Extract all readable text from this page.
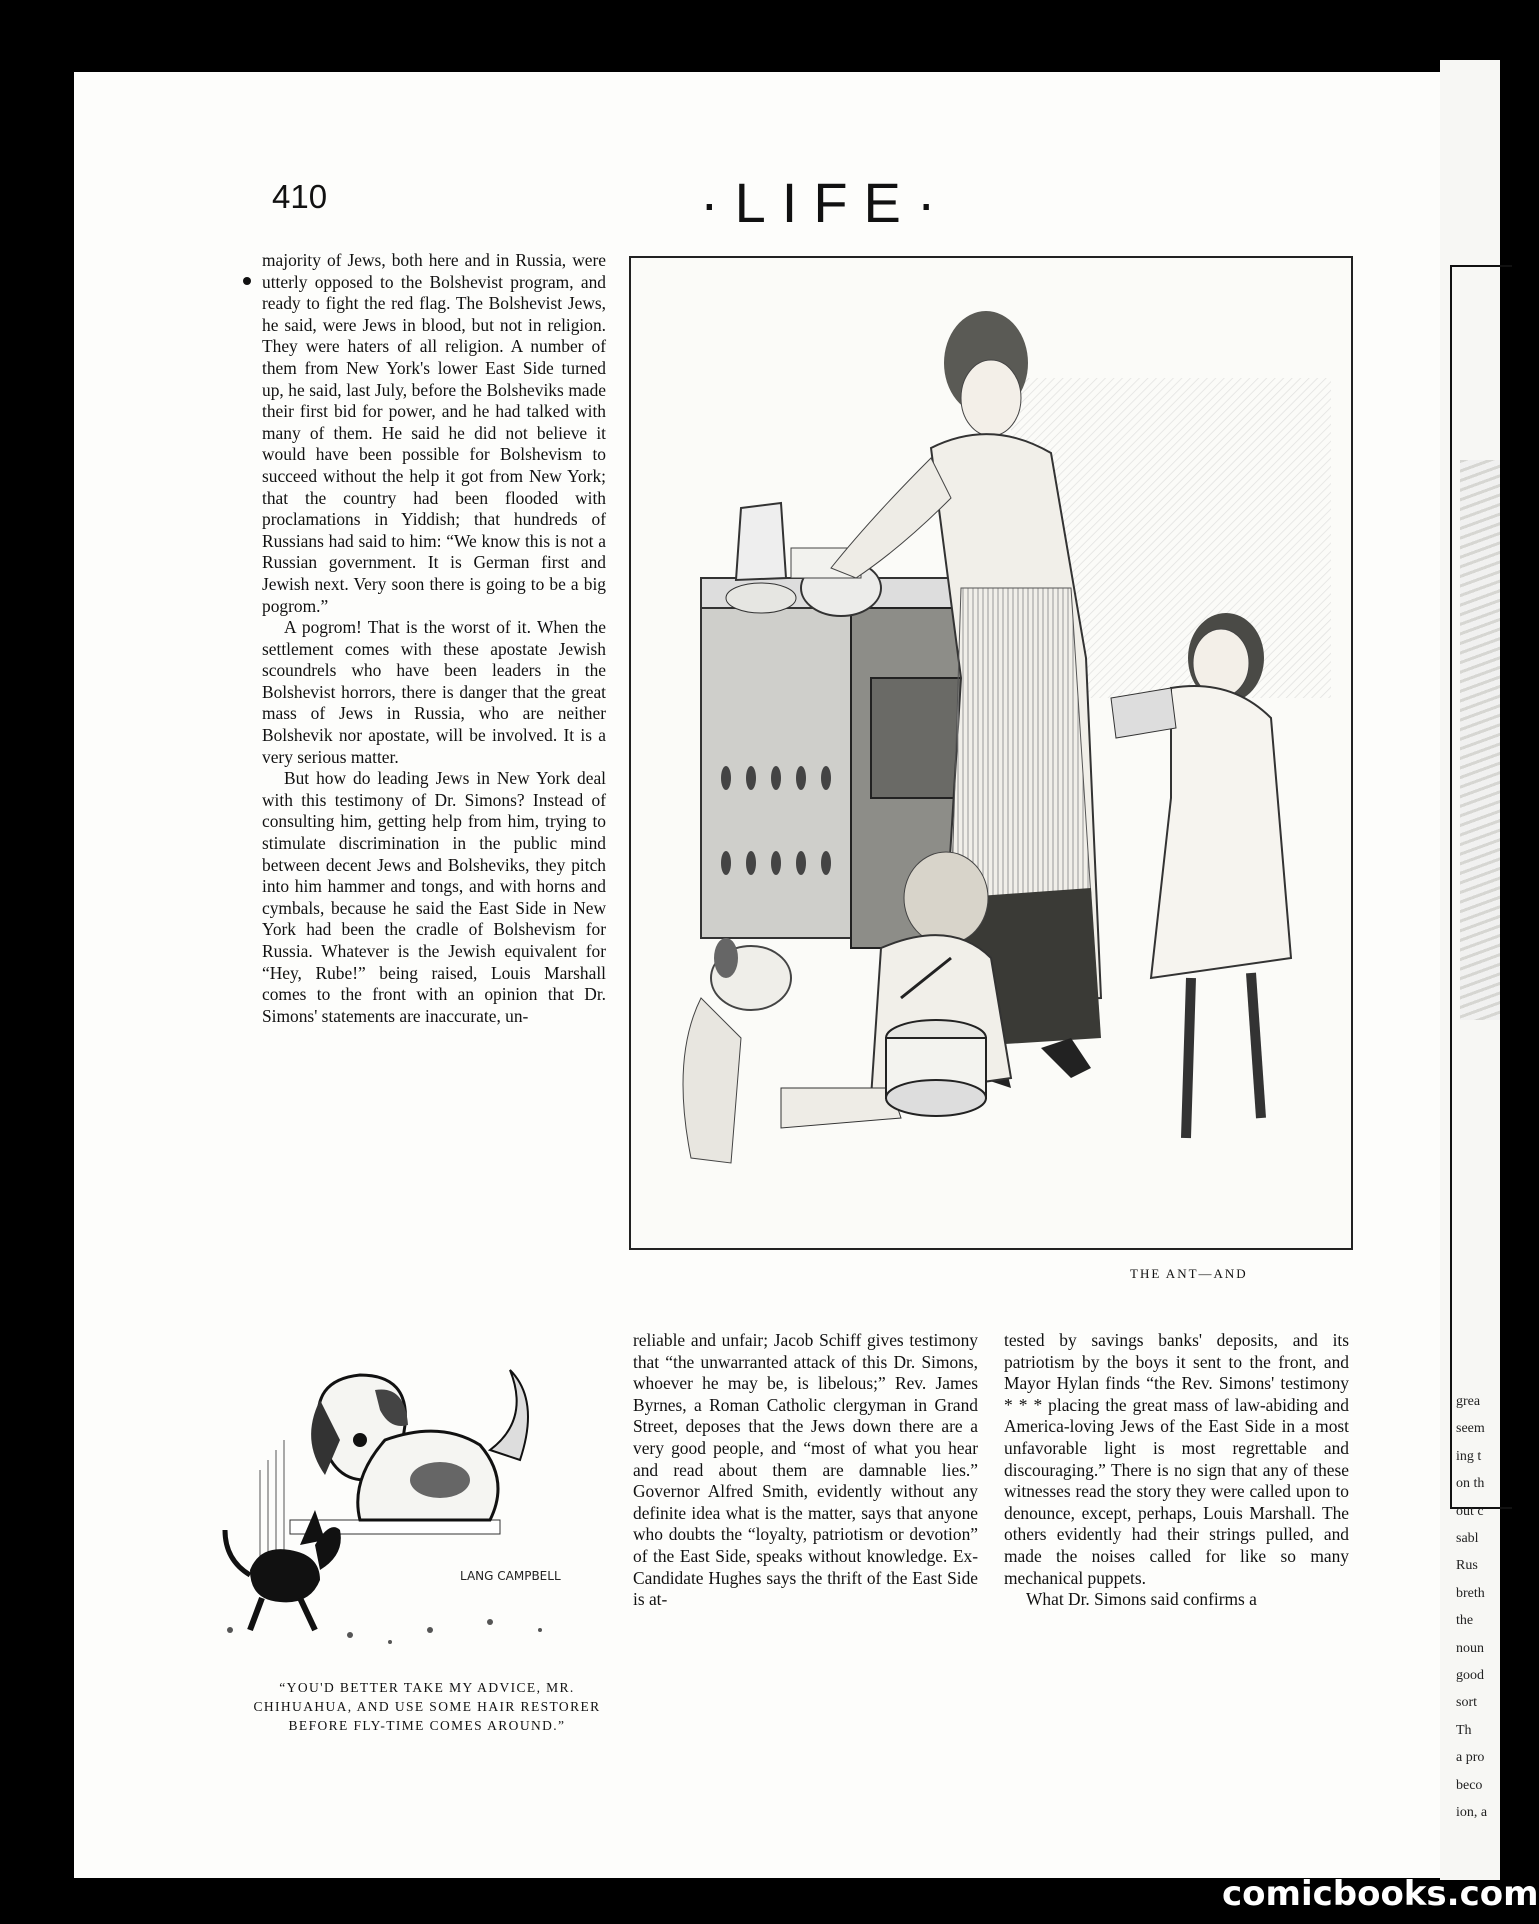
grea
seem
ing t
on th
out c
sabl
Rus
breth
the
noun
good
sort
Th
a pro
beco
ion, a
410	·LIFE·

majority of Jews, both here and in Russia, were utterly opposed to the Bolshevist program, and ready to fight the red flag. The Bolshevist Jews, he said, were Jews in blood, but not in religion. They were haters of all religion. A number of them from New York's lower East Side turned up, he said, last July, before the Bolsheviks made their first bid for power, and he had talked with many of them. He said he did not believe it would have been possible for Bolshevism to succeed without the help it got from New York; that the country had been flooded with proclamations in Yiddish; that hundreds of Russians had said to him: “We know this is not a Russian government. It is German first and Jewish next. Very soon there is going to be a big pogrom.”

A pogrom! That is the worst of it. When the settlement comes with these apostate Jewish scoundrels who have been leaders in the Bolshevist horrors, there is danger that the great mass of Jews in Russia, who are neither Bolshevik nor apostate, will be involved. It is a very serious matter.

But how do leading Jews in New York deal with this testimony of Dr. Simons? Instead of consulting him, getting help from him, trying to stimulate discrimination in the public mind between decent Jews and Bolsheviks, they pitch into him hammer and tongs, and with horns and cymbals, because he said the East Side in New York had been the cradle of Bolshevism for Russia. Whatever is the Jewish equivalent for “Hey, Rube!” being raised, Louis Marshall comes to the front with an opinion that Dr. Simons' statements are inaccurate, un-

THE ANT—AND
LANG CAMPBELL
“YOU'D BETTER TAKE MY ADVICE, MR. CHIHUAHUA, AND USE SOME HAIR RESTORER BEFORE FLY-TIME COMES AROUND.”

reliable and unfair; Jacob Schiff gives testimony that “the unwarranted attack of this Dr. Simons, whoever he may be, is libelous;” Rev. James Byrnes, a Roman Catholic clergyman in Grand Street, deposes that the Jews down there are a very good people, and “most of what you hear and read about them are damnable lies.” Governor Alfred Smith, evidently without any definite idea what is the matter, says that anyone who doubts the “loyalty, patriotism or devotion” of the East Side, speaks without knowledge. Ex-Candidate Hughes says the thrift of the East Side is at-

tested by savings banks' deposits, and its patriotism by the boys it sent to the front, and Mayor Hylan finds “the Rev. Simons' testimony * * * placing the great mass of law-abiding and America-loving Jews of the East Side in a most unfavorable light is most regrettable and discouraging.” There is no sign that any of these witnesses read the story they were called upon to denounce, except, perhaps, Louis Marshall. The others evidently had their strings pulled, and made the noises called for like so many mechanical puppets.

What Dr. Simons said confirms a

comicbooks.com
